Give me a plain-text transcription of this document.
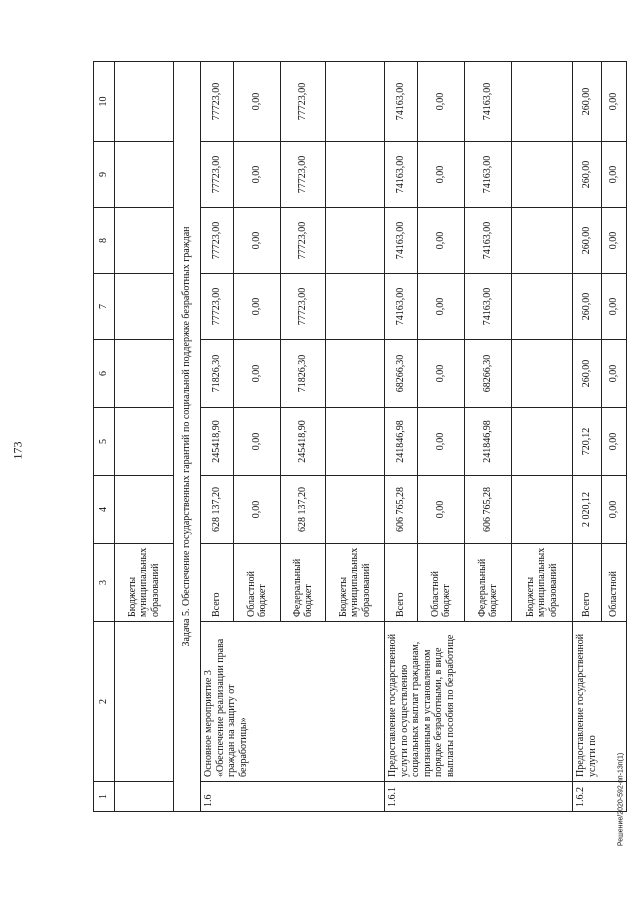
173
Решение/2020-592-пп-13п(1)
1	2	3	4	5	6	7	8	9	10
		Бюджеты муниципальных образований							
Задача 5. Обеспечение государственных гарантий по социальной поддержке безработных граждан									
1.6	Основное мероприятие 3 «Обеспечение реализации права граждан на защиту от безработицы»	Всего	628 137,20	245418,90	71826,30	77723,00	77723,00	77723,00	77723,00
		Областной бюджет	0,00	0,00	0,00	0,00	0,00	0,00	0,00
		Федеральный бюджет	628 137,20	245418,90	71826,30	77723,00	77723,00	77723,00	77723,00
		Бюджеты муниципальных образований							
1.6.1	Предоставление государственной услуги по осуществлению социальных выплат гражданам, признанным в установленном порядке безработными, в виде выплаты пособия по безработице	Всего	606 765,28	241846,98	68266,30	74163,00	74163,00	74163,00	74163,00
		Областной бюджет	0,00	0,00	0,00	0,00	0,00	0,00	0,00
		Федеральный бюджет	606 765,28	241846,98	68266,30	74163,00	74163,00	74163,00	74163,00
		Бюджеты муниципальных образований							
1.6.2	Предоставление государственной услуги по	Всего	2 020,12	720,12	260,00	260,00	260,00	260,00	260,00
		Областной	0,00	0,00	0,00	0,00	0,00	0,00	0,00
